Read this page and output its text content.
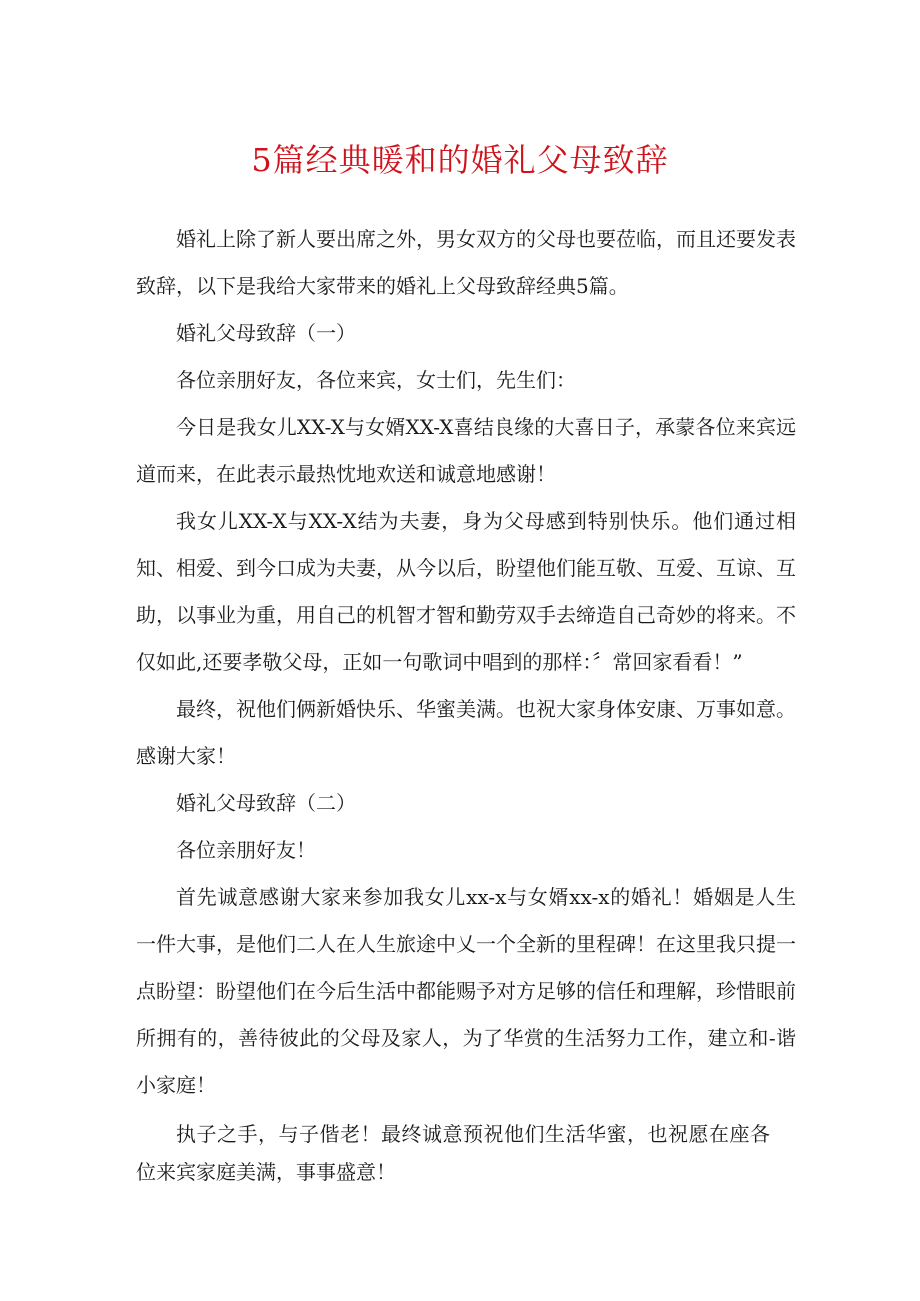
5篇经典暖和的婚礼父母致辞

婚礼上除了新人要出席之外，男女双方的父母也要莅临，而且还要发表致辞，以下是我给大家带来的婚礼上父母致辞经典5篇。

婚礼父母致辞（一）

各位亲朋好友，各位来宾，女士们，先生们：

今日是我女儿XX-X与女婿XX-X喜结良缘的大喜日子，承蒙各位来宾远道而来，在此表示最热忱地欢送和诚意地感谢！

我女儿XX-X与XX-X结为夫妻，身为父母感到特别快乐。他们通过相知、相爱、到今口成为夫妻，从今以后，盼望他们能互敬、互爱、互谅、互助，以事业为重，用自己的机智才智和勤劳双手去缔造自己奇妙的将来。不仅如此,还要孝敬父母，正如一句歌词中唱到的那样：〞常回家看看！”

最终，祝他们俩新婚快乐、华蜜美满。也祝大家身体安康、万事如意。感谢大家！

婚礼父母致辞（二）

各位亲朋好友！

首先诚意感谢大家来参加我女儿xx-x与女婿xx-x的婚礼！婚姻是人生一件大事，是他们二人在人生旅途中乂一个全新的里程碑！在这里我只提一点盼望：盼望他们在今后生活中都能赐予对方足够的信任和理解，珍惜眼前所拥有的，善待彼此的父母及家人，为了华赏的生活努力工作，建立和-谐小家庭！

执子之手，与子偕老！最终诚意预祝他们生活华蜜，也祝愿在座各位来宾家庭美满，事事盛意！
